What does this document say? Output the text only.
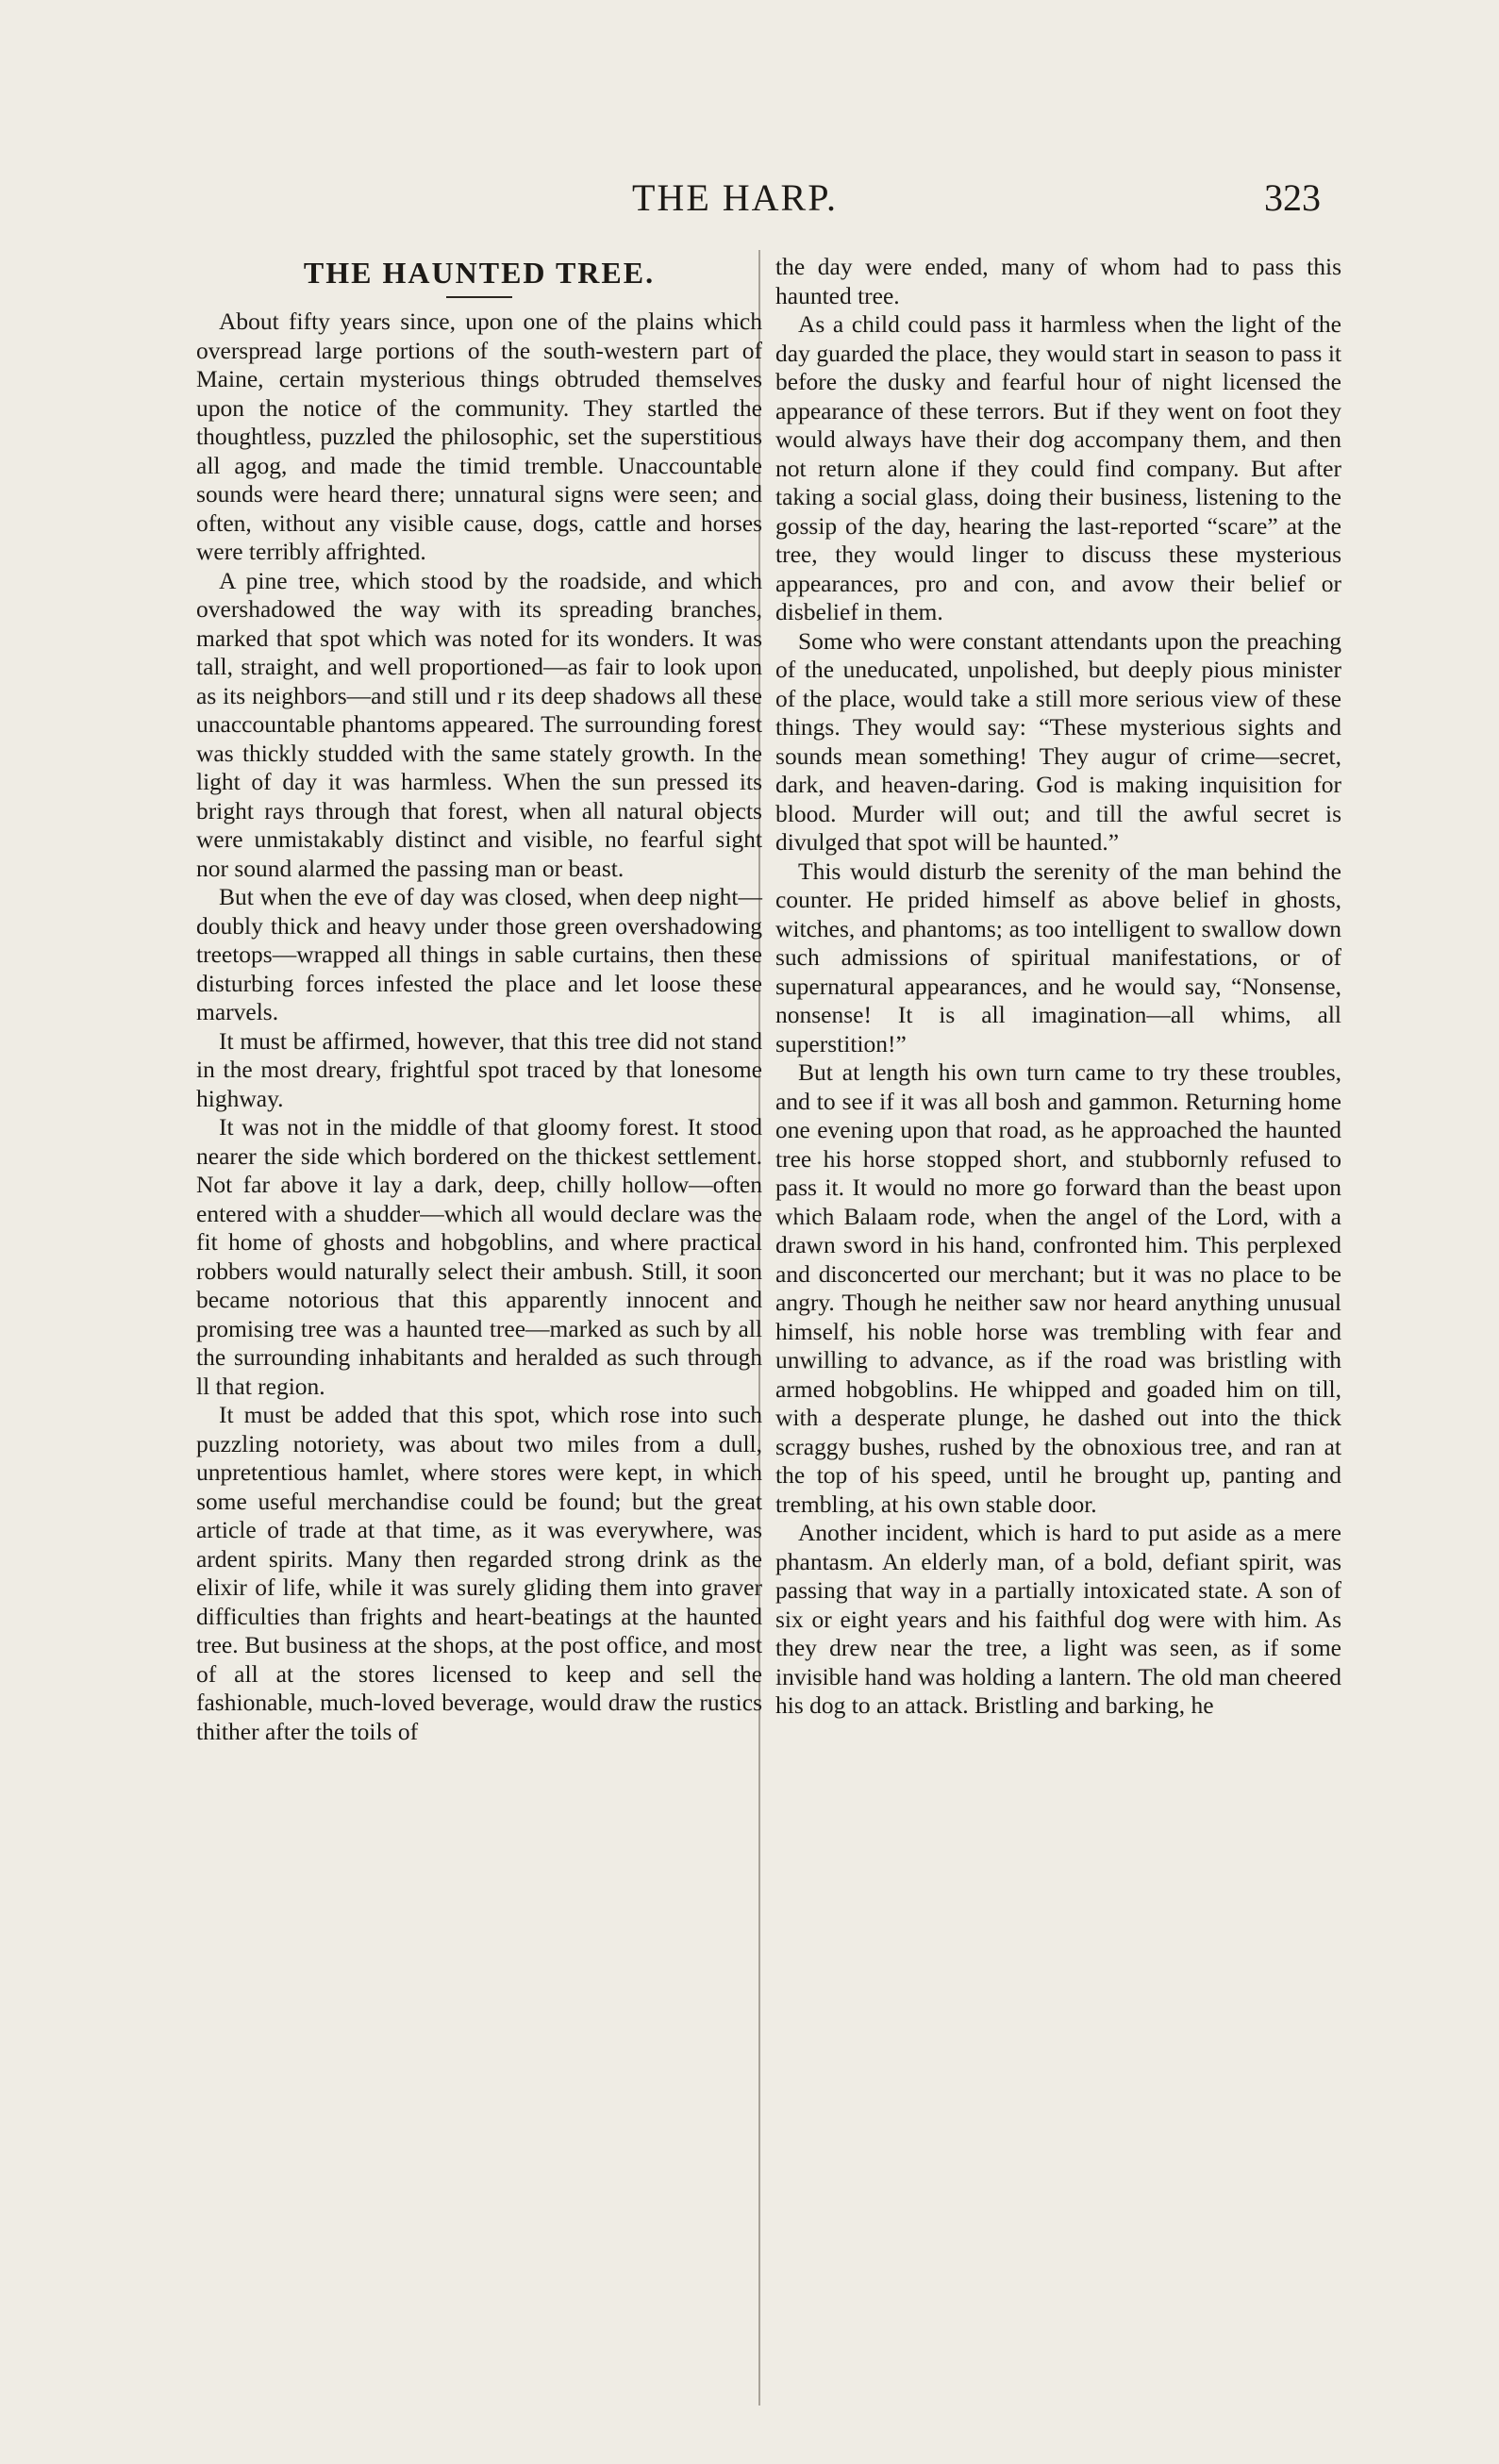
THE HARP.	323
THE HAUNTED TREE.

About fifty years since, upon one of the plains which overspread large portions of the south-western part of Maine, certain mysterious things obtruded themselves upon the notice of the community. They startled the thoughtless, puzzled the philosophic, set the superstitious all agog, and made the timid tremble. Unaccountable sounds were heard there; unnatural signs were seen; and often, without any visible cause, dogs, cattle and horses were terribly affrighted.

A pine tree, which stood by the roadside, and which overshadowed the way with its spreading branches, marked that spot which was noted for its wonders. It was tall, straight, and well proportioned—as fair to look upon as its neighbors—and still und r its deep shadows all these unaccountable phantoms appeared. The surrounding forest was thickly studded with the same stately growth. In the light of day it was harmless. When the sun pressed its bright rays through that forest, when all natural objects were unmistakably distinct and visible, no fearful sight nor sound alarmed the passing man or beast.

But when the eve of day was closed, when deep night—doubly thick and heavy under those green overshadowing treetops—wrapped all things in sable curtains, then these disturbing forces infested the place and let loose these marvels.

It must be affirmed, however, that this tree did not stand in the most dreary, frightful spot traced by that lonesome highway.

It was not in the middle of that gloomy forest. It stood nearer the side which bordered on the thickest settlement. Not far above it lay a dark, deep, chilly hollow—often entered with a shudder—which all would declare was the fit home of ghosts and hobgoblins, and where practical robbers would naturally select their ambush. Still, it soon became notorious that this apparently innocent and promising tree was a haunted tree—marked as such by all the surrounding inhabitants and heralded as such through ll that region.

It must be added that this spot, which rose into such puzzling notoriety, was about two miles from a dull, unpretentious hamlet, where stores were kept, in which some useful merchandise could be found; but the great article of trade at that time, as it was everywhere, was ardent spirits. Many then regarded strong drink as the elixir of life, while it was surely gliding them into graver difficulties than frights and heart-beatings at the haunted tree. But business at the shops, at the post office, and most of all at the stores licensed to keep and sell the fashionable, much-loved beverage, would draw the rustics thither after the toils of

the day were ended, many of whom had to pass this haunted tree.

As a child could pass it harmless when the light of the day guarded the place, they would start in season to pass it before the dusky and fearful hour of night licensed the appearance of these terrors. But if they went on foot they would always have their dog accompany them, and then not return alone if they could find company. But after taking a social glass, doing their business, listening to the gossip of the day, hearing the last-reported “scare” at the tree, they would linger to discuss these mysterious appearances, pro and con, and avow their belief or disbelief in them.

Some who were constant attendants upon the preaching of the uneducated, unpolished, but deeply pious minister of the place, would take a still more serious view of these things. They would say: “These mysterious sights and sounds mean something! They augur of crime—secret, dark, and heaven-daring. God is making inquisition for blood. Murder will out; and till the awful secret is divulged that spot will be haunted.”

This would disturb the serenity of the man behind the counter. He prided himself as above belief in ghosts, witches, and phantoms; as too intelligent to swallow down such admissions of spiritual manifestations, or of supernatural appearances, and he would say, “Nonsense, nonsense! It is all imagination—all whims, all superstition!”

But at length his own turn came to try these troubles, and to see if it was all bosh and gammon. Returning home one evening upon that road, as he approached the haunted tree his horse stopped short, and stubbornly refused to pass it. It would no more go forward than the beast upon which Balaam rode, when the angel of the Lord, with a drawn sword in his hand, confronted him. This perplexed and disconcerted our merchant; but it was no place to be angry. Though he neither saw nor heard anything unusual himself, his noble horse was trembling with fear and unwilling to advance, as if the road was bristling with armed hobgoblins. He whipped and goaded him on till, with a desperate plunge, he dashed out into the thick scraggy bushes, rushed by the obnoxious tree, and ran at the top of his speed, until he brought up, panting and trembling, at his own stable door.

Another incident, which is hard to put aside as a mere phantasm. An elderly man, of a bold, defiant spirit, was passing that way in a partially intoxicated state. A son of six or eight years and his faithful dog were with him. As they drew near the tree, a light was seen, as if some invisible hand was holding a lantern. The old man cheered his dog to an attack. Bristling and barking, he
